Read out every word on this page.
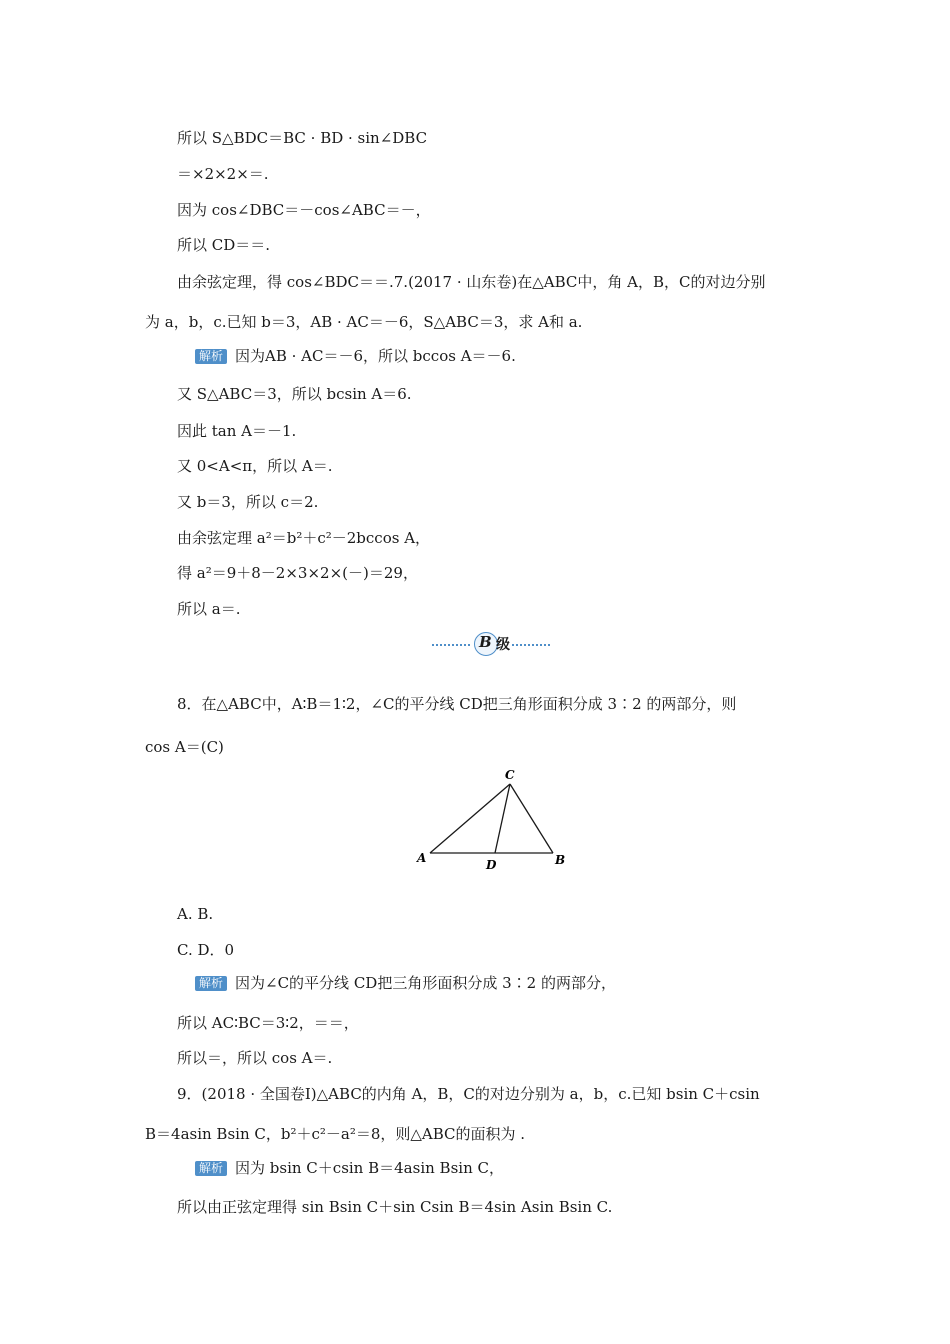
所以 S△BDC＝BC · BD · sin∠DBC
＝×2×2×＝.
因为 cos∠DBC＝－cos∠ABC＝－，
所以 CD＝＝.
由余弦定理，得 cos∠BDC＝＝.7.(2017 · 山东卷)在△ABC中，角 A，B，C的对边分别
为 a，b，c.已知 b＝3，AB · AC＝－6，S△ABC＝3，求 A和 a.
解析 因为AB · AC＝－6，所以 bccos A＝－6.
又 S△ABC＝3，所以 bcsin A＝6.
因此 tan A＝－1.
又 0<A<π，所以 A＝.
又 b＝3，所以 c＝2.
由余弦定理 a²＝b²＋c²－2bccos A，
得 a²＝9＋8－2×3×2×(－)＝29，
所以 a＝.
B 级
8．在△ABC中，A∶B＝1∶2，∠C的平分线 CD把三角形面积分成 3∶2 的两部分，则
cos A＝(C)
C
A	B
D
A. B.
C. D．0
解析 因为∠C的平分线 CD把三角形面积分成 3∶2 的两部分，
所以 AC∶BC＝3∶2，＝＝，
所以＝，所以 cos A＝.
9．(2018 · 全国卷Ⅰ)△ABC的内角 A，B，C的对边分别为 a，b，c.已知 bsin C＋csin
B＝4asin Bsin C，b²＋c²－a²＝8，则△ABC的面积为 .
解析 因为 bsin C＋csin B＝4asin Bsin C，
所以由正弦定理得 sin Bsin C＋sin Csin B＝4sin Asin Bsin C.
